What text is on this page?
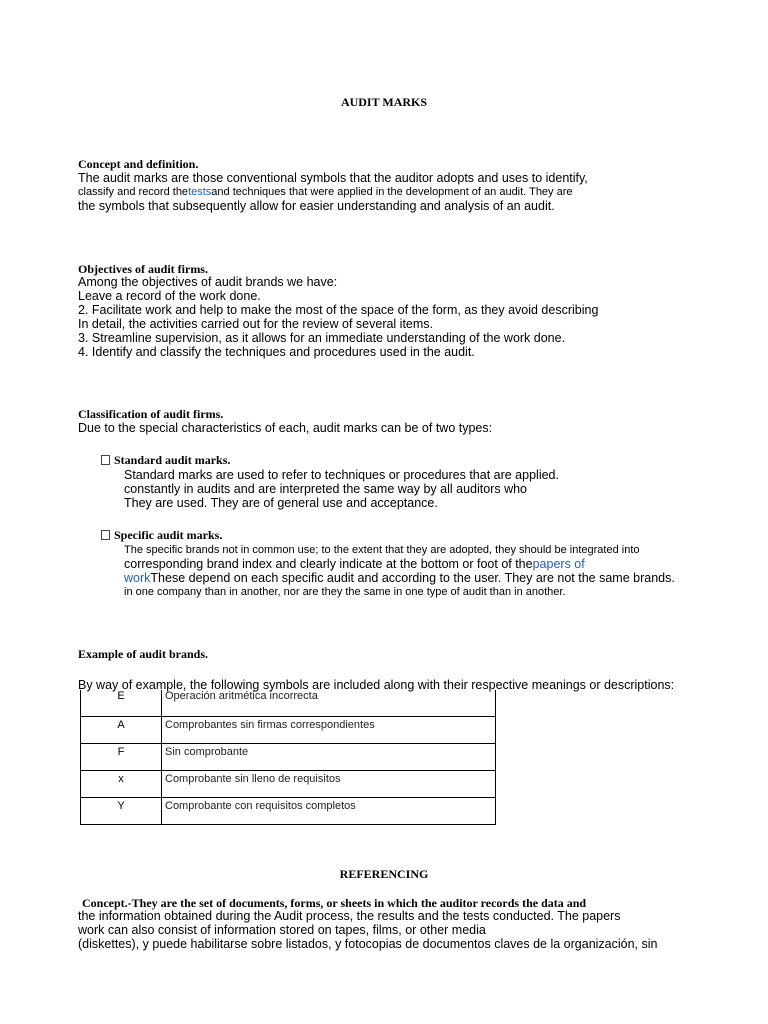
AUDIT MARKS
Concept and definition.
The audit marks are those conventional symbols that the auditor adopts and uses to identify,
classify and record thetestsand techniques that were applied in the development of an audit. They are
the symbols that subsequently allow for easier understanding and analysis of an audit.
Objectives of audit firms.
Among the objectives of audit brands we have:
Leave a record of the work done.
2. Facilitate work and help to make the most of the space of the form, as they avoid describing
In detail, the activities carried out for the review of several items.
3. Streamline supervision, as it allows for an immediate understanding of the work done.
4. Identify and classify the techniques and procedures used in the audit.
Classification of audit firms.
Due to the special characteristics of each, audit marks can be of two types:
Standard audit marks.
Standard marks are used to refer to techniques or procedures that are applied.
constantly in audits and are interpreted the same way by all auditors who
They are used. They are of general use and acceptance.
Specific audit marks.
The specific brands not in common use; to the extent that they are adopted, they should be integrated into
corresponding brand index and clearly indicate at the bottom or foot of thepapers of
workThese depend on each specific audit and according to the user. They are not the same brands.
in one company than in another, nor are they the same in one type of audit than in another.
Example of audit brands.
By way of example, the following symbols are included along with their respective meanings or descriptions:
E	Operación aritmética incorrecta
A	Comprobantes sin firmas correspondientes
F	Sin comprobante
x	Comprobante sin lleno de requisitos
Y	Comprobante con requisitos completos
REFERENCING
Concept.-They are the set of documents, forms, or sheets in which the auditor records the data and
the information obtained during the Audit process, the results and the tests conducted. The papers
work can also consist of information stored on tapes, films, or other media
(diskettes), y puede habilitarse sobre listados, y fotocopias de documentos claves de la organización, sin
